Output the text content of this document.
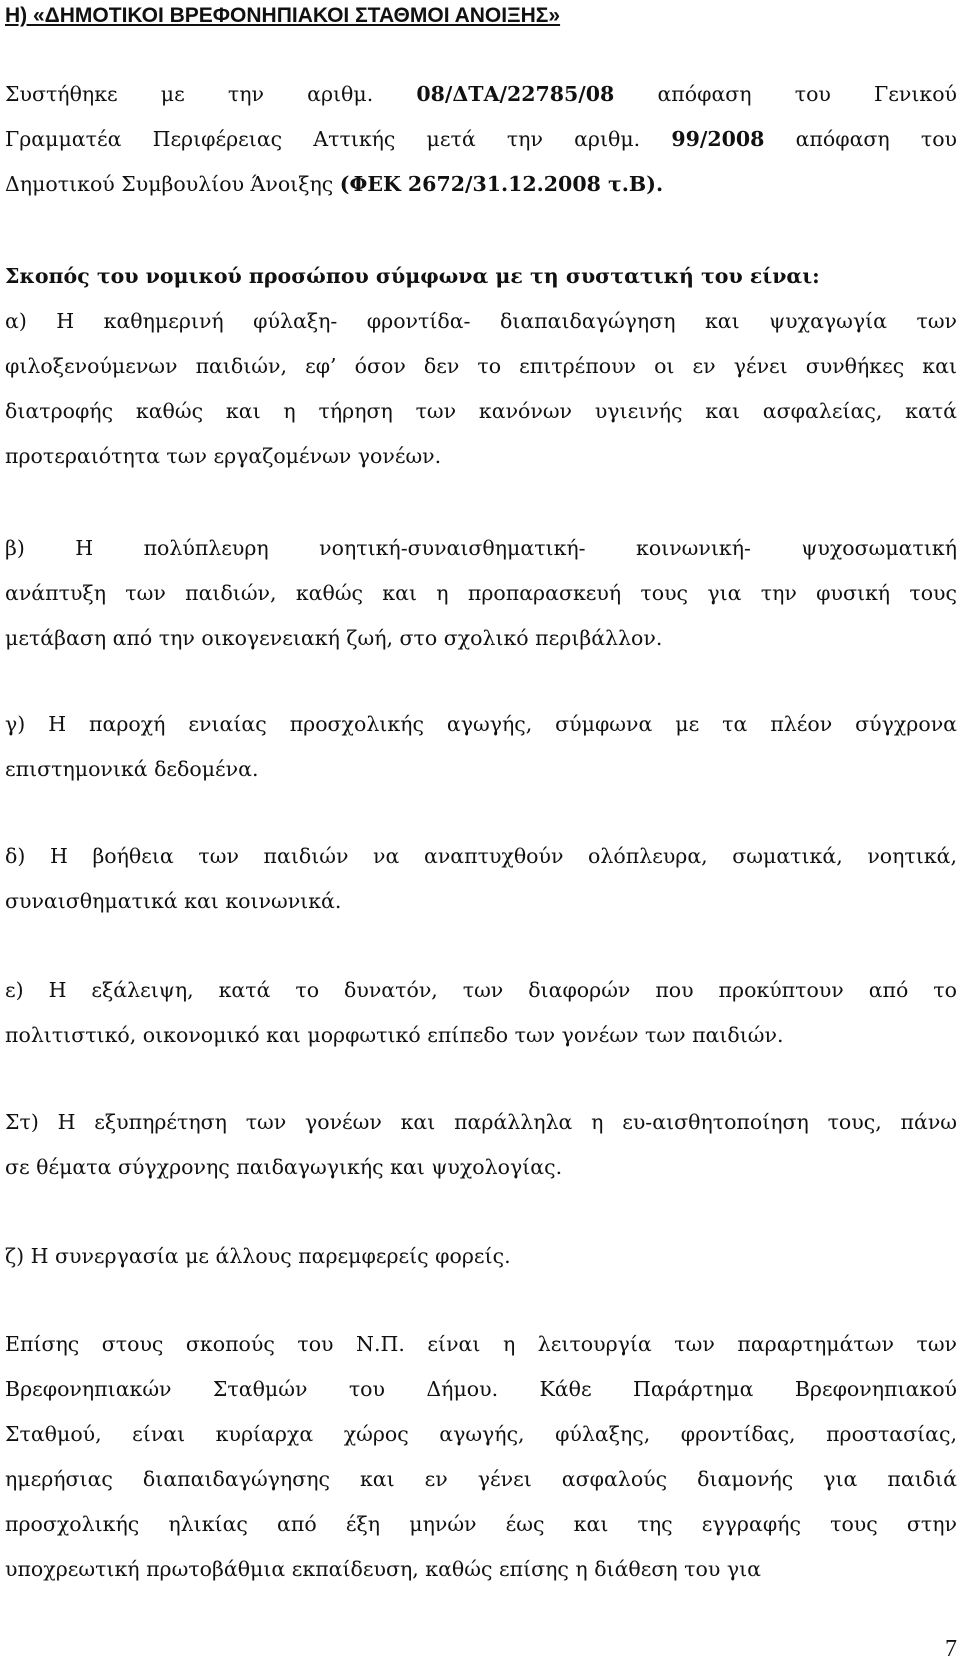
Η) «ΔΗΜΟΤΙΚΟΙ ΒΡΕΦΟΝΗΠΙΑΚΟΙ ΣΤΑΘΜΟΙ ΑΝΟΙΞΗΣ»
Συστήθηκε με την αριθμ. 08/ΔΤΑ/22785/08 απόφαση του Γενικού
Γραμματέα Περιφέρειας Αττικής μετά την αριθμ. 99/2008 απόφαση του
Δημοτικού Συμβουλίου Άνοιξης (ΦΕΚ 2672/31.12.2008 τ.Β).
Σκοπός του νομικού προσώπου σύμφωνα με τη συστατική του είναι:
α) Η καθημερινή φύλαξη- φροντίδα- διαπαιδαγώγηση και ψυχαγωγία των
φιλοξενούμενων παιδιών, εφ’ όσον δεν το επιτρέπουν οι εν γένει συνθήκες και
διατροφής καθώς και η τήρηση των κανόνων υγιεινής και ασφαλείας, κατά
προτεραιότητα των εργαζομένων γονέων.
β) Η πολύπλευρη νοητική-συναισθηματική- κοινωνική- ψυχοσωματική
ανάπτυξη των παιδιών, καθώς και η προπαρασκευή τους για την φυσική τους
μετάβαση από την οικογενειακή ζωή, στο σχολικό περιβάλλον.
γ) Η παροχή ενιαίας προσχολικής αγωγής, σύμφωνα με τα πλέον σύγχρονα
επιστημονικά δεδομένα.
δ) Η βοήθεια των παιδιών να αναπτυχθούν ολόπλευρα, σωματικά, νοητικά,
συναισθηματικά και κοινωνικά.
ε) Η εξάλειψη, κατά το δυνατόν, των διαφορών που προκύπτουν από το
πολιτιστικό, οικονομικό και μορφωτικό επίπεδο των γονέων των παιδιών.
Στ) Η εξυπηρέτηση των γονέων και παράλληλα η ευ-αισθητοποίηση τους, πάνω
σε θέματα σύγχρονης παιδαγωγικής και ψυχολογίας.
ζ) Η συνεργασία με άλλους παρεμφερείς φορείς.
Επίσης στους σκοπούς του Ν.Π. είναι η λειτουργία των παραρτημάτων των
Βρεφονηπιακών Σταθμών του Δήμου. Κάθε Παράρτημα Βρεφονηπιακού
Σταθμού, είναι κυρίαρχα χώρος αγωγής, φύλαξης, φροντίδας, προστασίας,
ημερήσιας διαπαιδαγώγησης και εν γένει ασφαλούς διαμονής για παιδιά
προσχολικής ηλικίας από έξη μηνών έως και της εγγραφής τους στην
υποχρεωτική πρωτοβάθμια εκπαίδευση, καθώς επίσης η διάθεση του για
7
